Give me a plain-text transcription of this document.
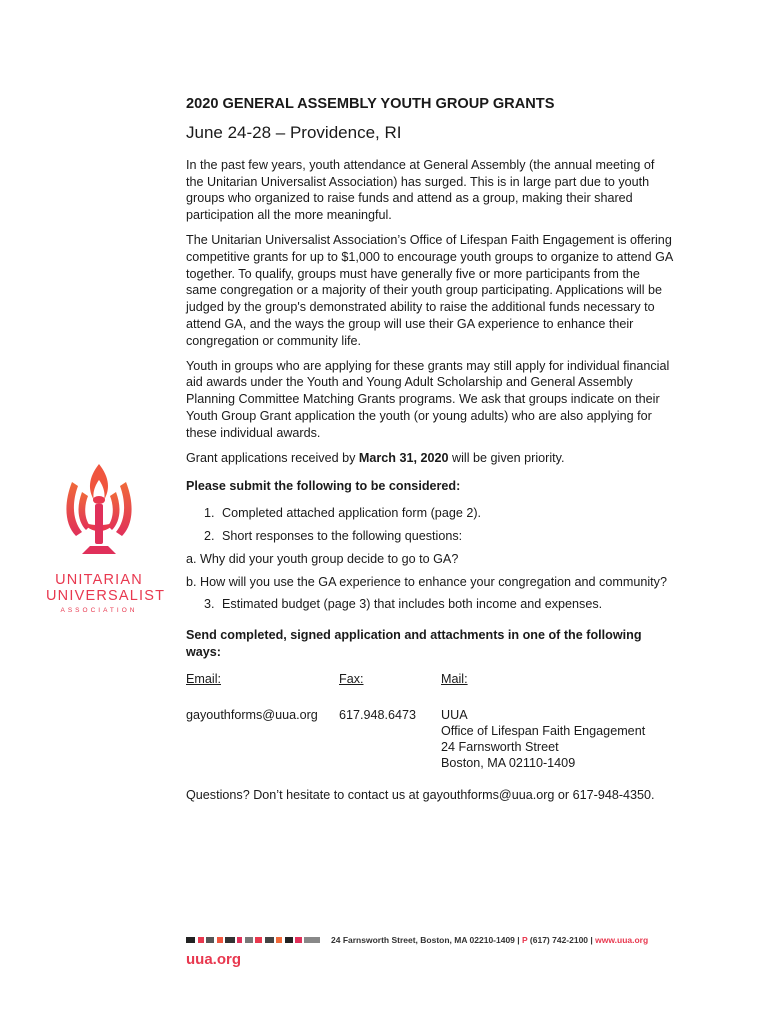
UNITARIAN
UNIVERSALIST
ASSOCIATION
2020 GENERAL ASSEMBLY YOUTH GROUP GRANTS
June 24-28 – Providence, RI

In the past few years, youth attendance at General Assembly (the annual meeting of the Unitarian Universalist Association) has surged. This is in large part due to youth groups who organized to raise funds and attend as a group, making their shared participation all the more meaningful.

The Unitarian Universalist Association’s Office of Lifespan Faith Engagement is offering competitive grants for up to $1,000 to encourage youth groups to organize to attend GA together. To qualify, groups must have generally five or more participants from the same congregation or a majority of their youth group participating. Applications will be judged by the group's demonstrated ability to raise the additional funds necessary to attend GA, and the ways the group will use their GA experience to enhance their congregation or community life.

Youth in groups who are applying for these grants may still apply for individual financial aid awards under the Youth and Young Adult Scholarship and General Assembly Planning Committee Matching Grants programs. We ask that groups indicate on their Youth Group Grant application the youth (or young adults) who are also applying for these individual awards.

Grant applications received by March 31, 2020 will be given priority.

Please submit the following to be considered:
1. Completed attached application form (page 2).
2. Short responses to the following questions:
a. Why did your youth group decide to go to GA?
b. How will you use the GA experience to enhance your congregation and community?
3. Estimated budget (page 3) that includes both income and expenses.
Send completed, signed application and attachments in one of the following ways:
Email:
gayouthforms@uua.org
Fax:
617.948.6473
Mail:
UUA
Office of Lifespan Faith Engagement
24 Farnsworth Street
Boston, MA 02110-1409

Questions? Don’t hesitate to contact us at gayouthforms@uua.org or 617-948-4350.

24 Farnsworth Street, Boston, MA 02210-1409 | P (617) 742-2100 | www.uua.org
uua.org
